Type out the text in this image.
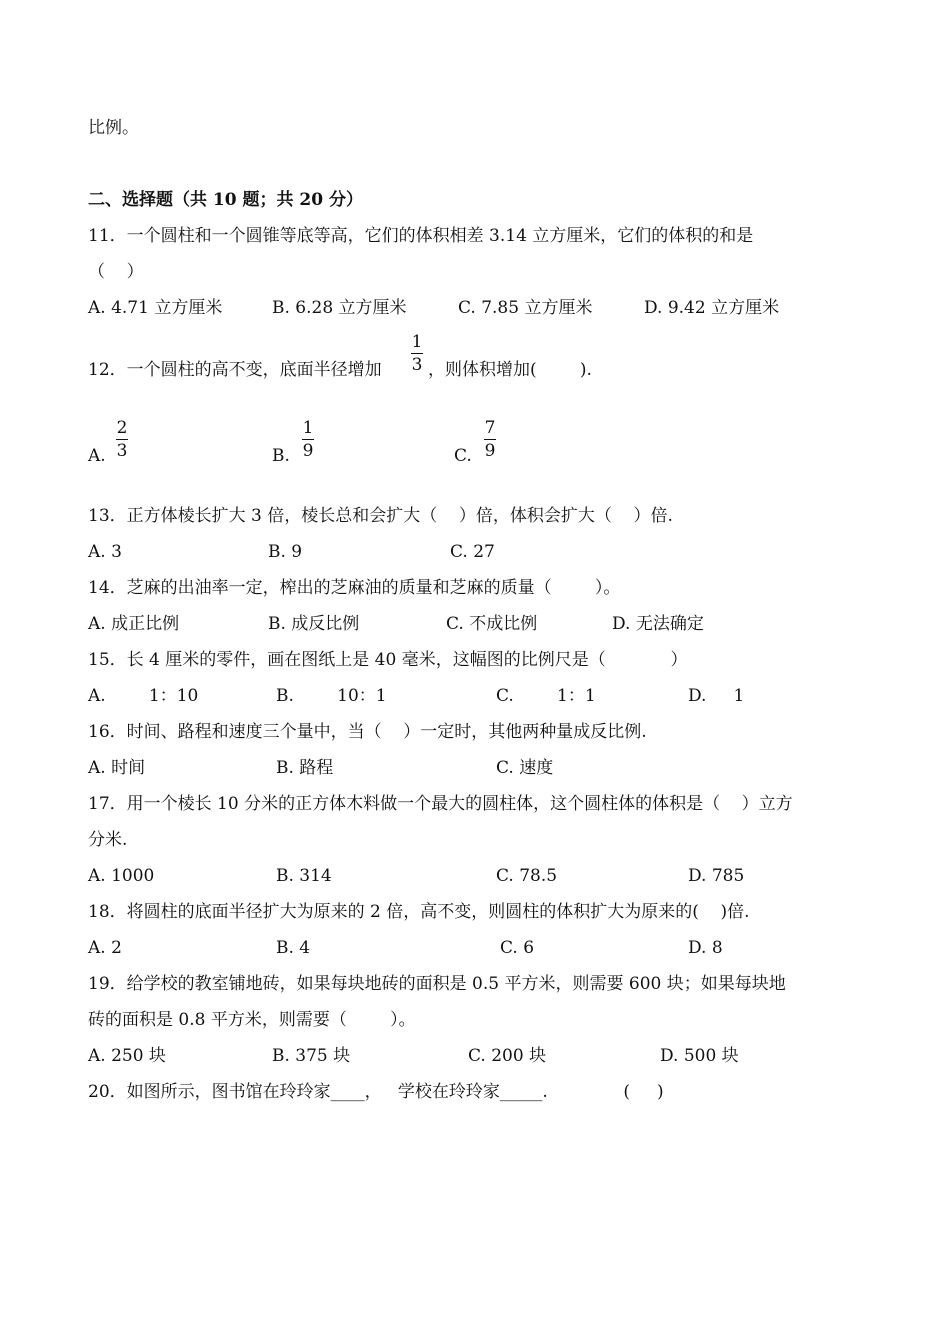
比例。
二、选择题（共 10 题；共 20 分）
11．一个圆柱和一个圆锥等底等高，它们的体积相差 3.14 立方厘米，它们的体积的和是
（    ）
A. 4.71 立方厘米	B. 6.28 立方厘米	C. 7.85 立方厘米	D. 9.42 立方厘米
12．一个圆柱的高不变，底面半径增加
1
3 ，则体积增加(        ).
A.
2
3	B.
1
9	C.
7
9
13．正方体棱长扩大 3 倍，棱长总和会扩大（    ）倍，体积会扩大（    ）倍.
A. 3	B. 9	C. 27
14．芝麻的出油率一定，榨出的芝麻油的质量和芝麻的质量（        ）。
A. 成正比例	B. 成反比例	C. 不成比例	D. 无法确定
15．长 4 厘米的零件，画在图纸上是 40 毫米，这幅图的比例尺是（            ）
A.        1：10	B.        10：1	C.        1：1	D.     1
16．时间、路程和速度三个量中，当（    ）一定时，其他两种量成反比例.
A. 时间	B. 路程	C. 速度
17．用一个棱长 10 分米的正方体木料做一个最大的圆柱体，这个圆柱体的体积是（    ）立方
分米.
A. 1000	B. 314	C. 78.5	D. 785
18．将圆柱的底面半径扩大为原来的 2 倍，高不变，则圆柱的体积扩大为原来的(    )倍.
A. 2	B. 4	C. 6	D. 8
19．给学校的教室铺地砖，如果每块地砖的面积是 0.5 平方米，则需要 600 块；如果每块地
砖的面积是 0.8 平方米，则需要（        ）。
A. 250 块	B. 375 块	C. 200 块	D. 500 块
20．如图所示，图书馆在玲玲家____，   学校在玲玲家_____.              (     )
